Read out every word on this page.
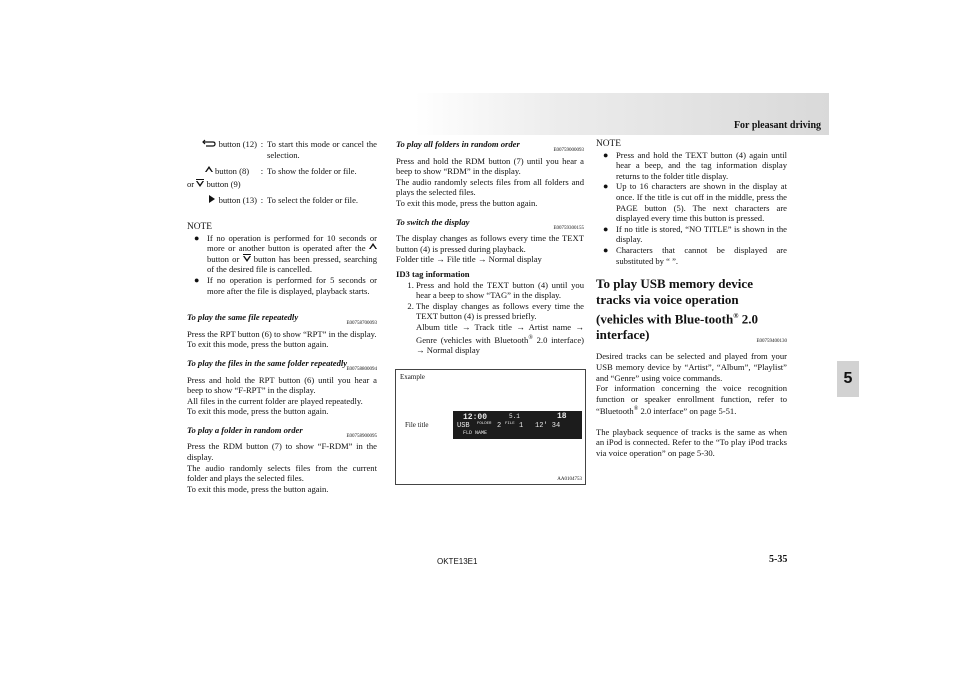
For pleasant driving
5
button (12)	:	To start this mode or cancel the selection.

button (8)
or button (9)	:	To show the folder or file.
button (13)	:	To select the folder or file.
NOTE
● If no operation is performed for 10 seconds or more or another button is operated after the  button or button has been pressed, searching of the desired file is cancelled.
● If no operation is performed for 5 seconds or more after the file is displayed, playback starts.
To play the same file repeatedly
E00758700093
Press the RPT button (6) to show “RPT” in the display.
To exit this mode, press the button again.
To play the files in the same folder repeatedly
E00758800094
Press and hold the RPT button (6) until you hear a beep to show “F-RPT” in the display.
All files in the current folder are played repeatedly.
To exit this mode, press the button again.
To play a folder in random order
E00758900095
Press the RDM button (7) to show “F-RDM” in the display.
The audio randomly selects files from the current folder and plays the selected files.
To exit this mode, press the button again.
To play all folders in random order
E00759000093
Press and hold the RDM button (7) until you hear a beep to show “RDM” in the display.
The audio randomly selects files from all folders and plays the selected files.
To exit this mode, press the button again.
To switch the display
E00759300155
The display changes as follows every time the TEXT button (4) is pressed during playback.
Folder title → File title → Normal display
ID3 tag information
1. Press and hold the TEXT button (4) until you hear a beep to show “TAG” in the display.
2. The display changes as follows every time the TEXT button (4) is pressed briefly.
Album title → Track title → Artist name → Genre (vehicles with Bluetooth® 2.0 interface) → Normal display
Example
File title
12:00	5.1	18
USB FOLDER 2 FILE 1 12' 34
FLD NAME
AA0104753
NOTE
● Press and hold the TEXT button (4) again until hear a beep, and the tag information display returns to the folder title display.
● Up to 16 characters are shown in the display at once. If the title is cut off in the middle, press the PAGE button (5). The next characters are displayed every time this button is pressed.
● If no title is stored, “NO TITLE” is shown in the display.
● Characters that cannot be displayed are substituted by “ ”.
To play USB memory device tracks via voice operation (vehicles with Blue-tooth® 2.0 interface)	E00759400130
Desired tracks can be selected and played from your USB memory device by “Artist”, “Album”, “Playlist” and “Genre” using voice commands.
For information concerning the voice recognition function or speaker enrollment function, refer to “Bluetooth® 2.0 interface” on page 5-51.
The playback sequence of tracks is the same as when an iPod is connected. Refer to the “To play iPod tracks via voice operation” on page 5-30.
OKTE13E1	5-35
